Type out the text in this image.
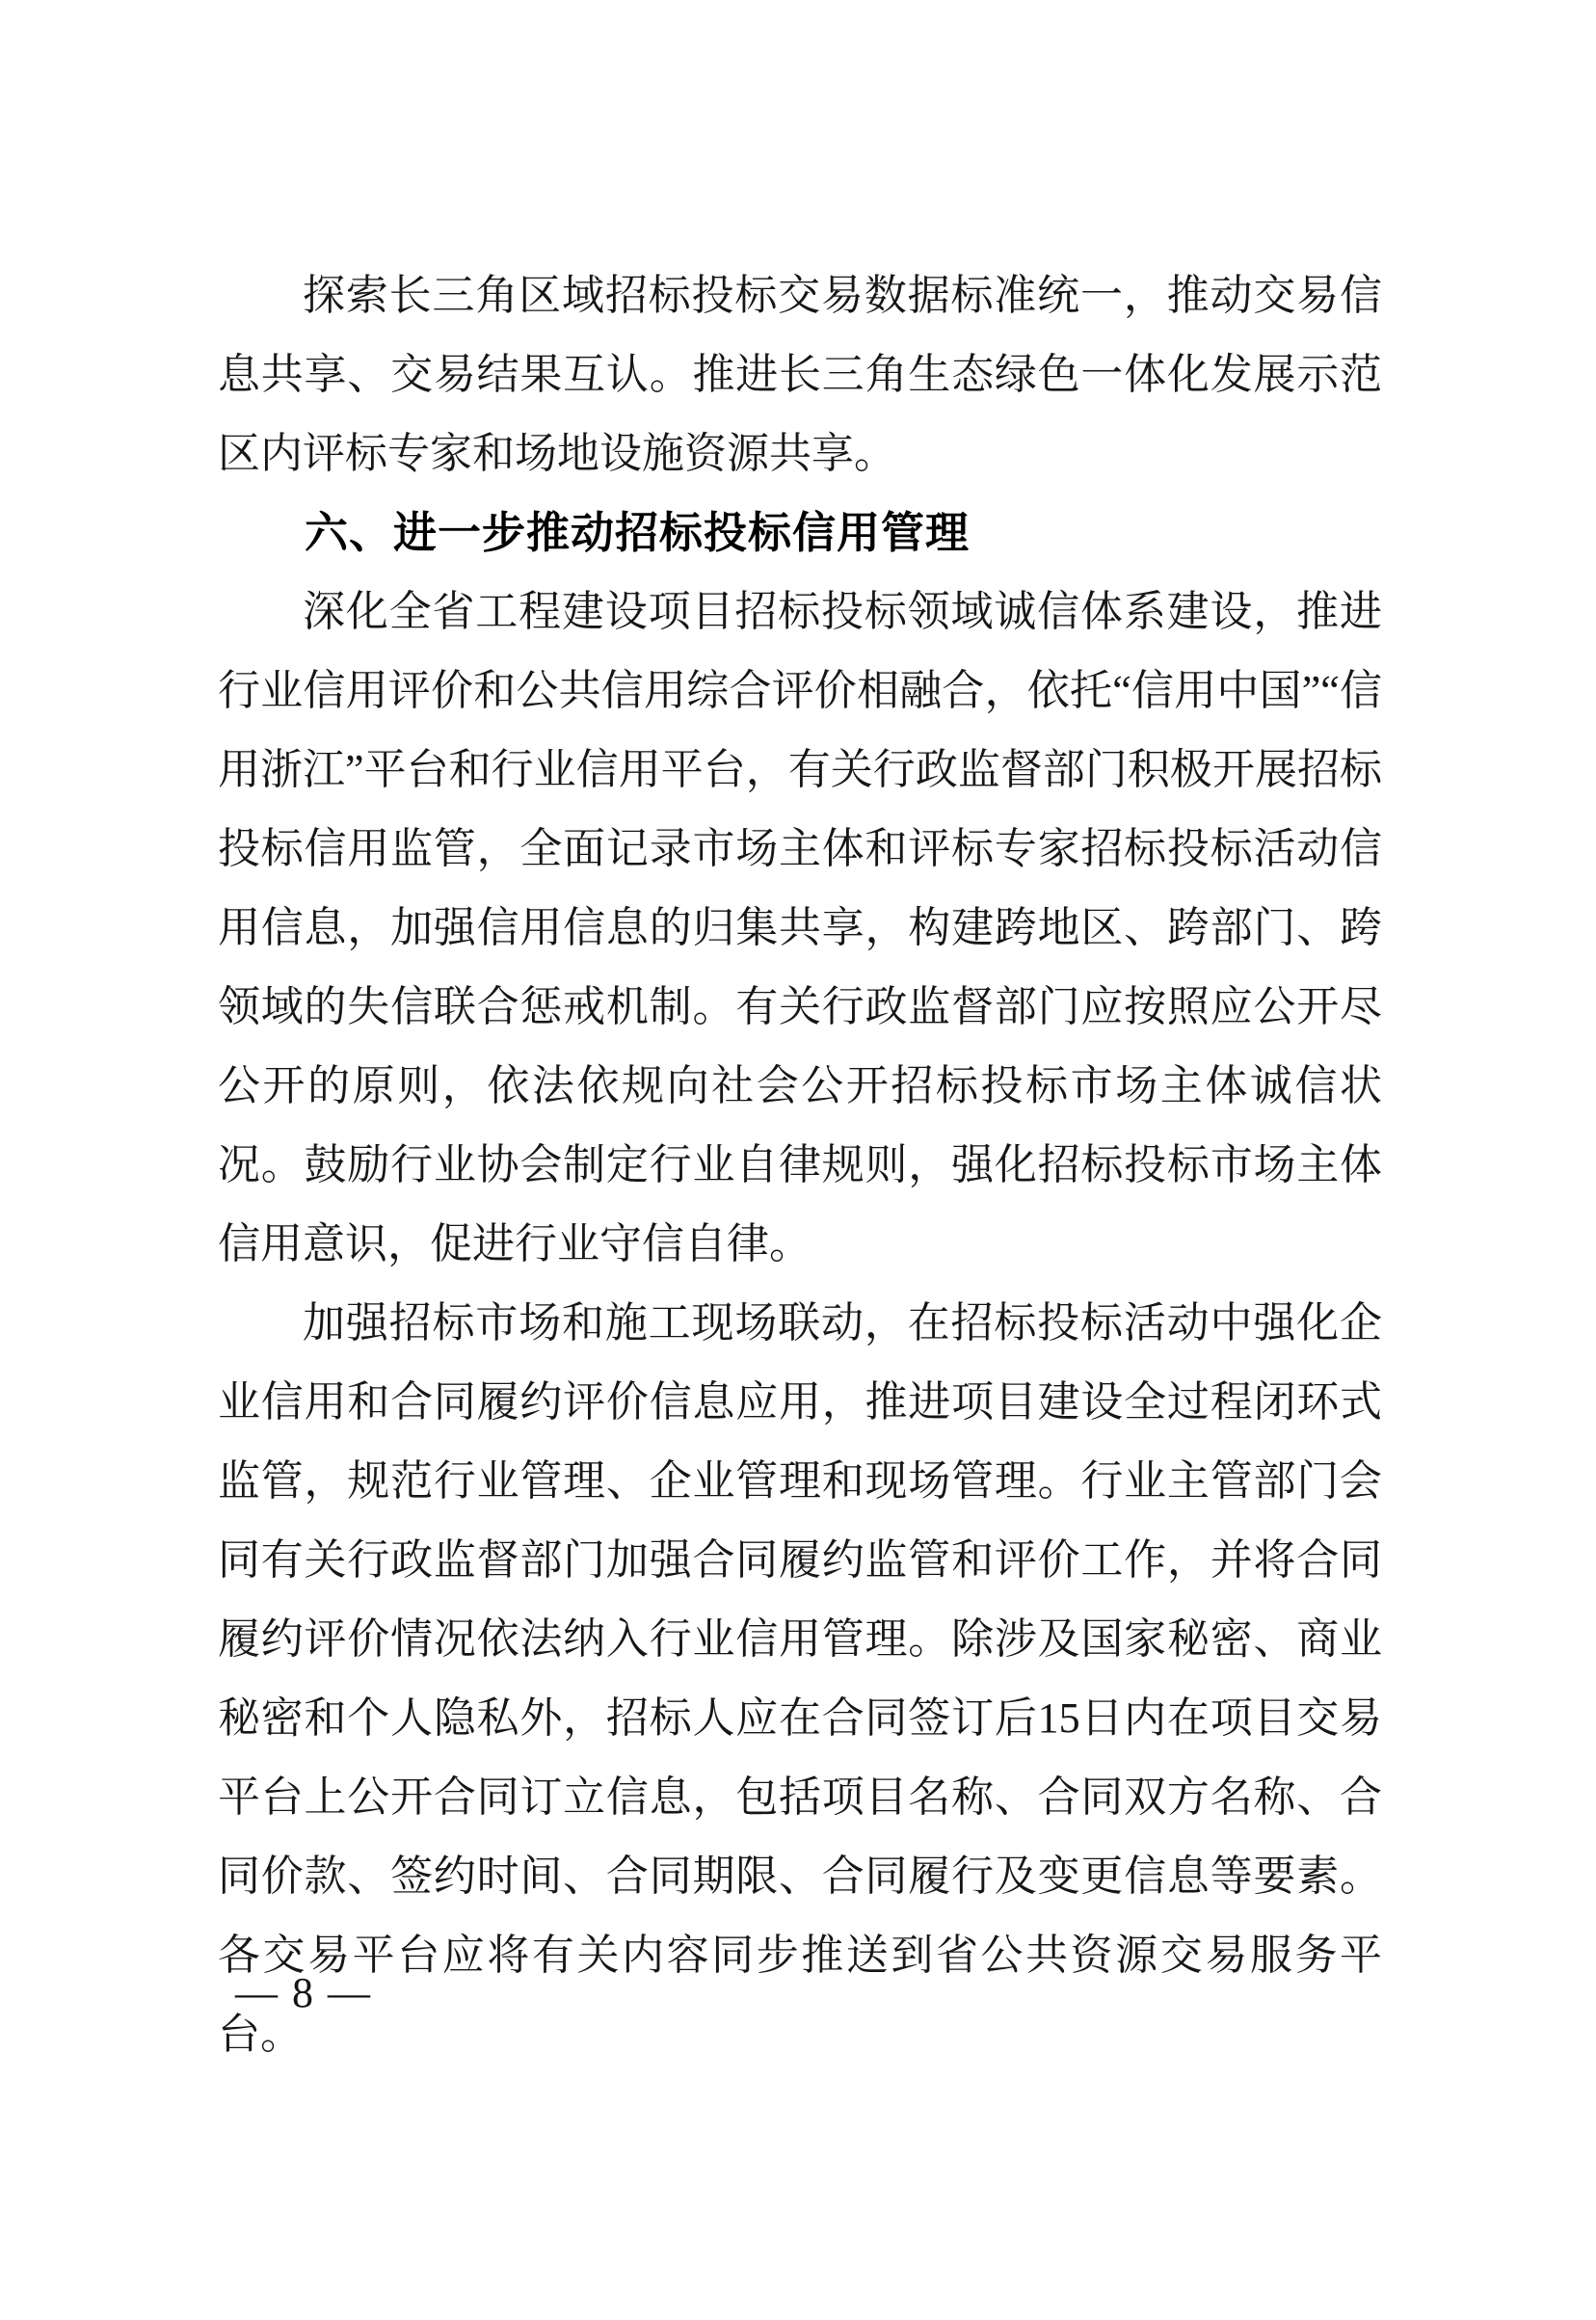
探索长三角区域招标投标交易数据标准统一，推动交易信息共享、交易结果互认。推进长三角生态绿色一体化发展示范区内评标专家和场地设施资源共享。

六、进一步推动招标投标信用管理

深化全省工程建设项目招标投标领域诚信体系建设，推进行业信用评价和公共信用综合评价相融合，依托“信用中国”“信用浙江”平台和行业信用平台，有关行政监督部门积极开展招标投标信用监管，全面记录市场主体和评标专家招标投标活动信用信息，加强信用信息的归集共享，构建跨地区、跨部门、跨领域的失信联合惩戒机制。有关行政监督部门应按照应公开尽公开的原则，依法依规向社会公开招标投标市场主体诚信状况。鼓励行业协会制定行业自律规则，强化招标投标市场主体信用意识，促进行业守信自律。

加强招标市场和施工现场联动，在招标投标活动中强化企业信用和合同履约评价信息应用，推进项目建设全过程闭环式监管，规范行业管理、企业管理和现场管理。行业主管部门会同有关行政监督部门加强合同履约监管和评价工作，并将合同履约评价情况依法纳入行业信用管理。除涉及国家秘密、商业秘密和个人隐私外，招标人应在合同签订后15日内在项目交易平台上公开合同订立信息，包括项目名称、合同双方名称、合同价款、签约时间、合同期限、合同履行及变更信息等要素。各交易平台应将有关内容同步推送到省公共资源交易服务平台。

— 8 —
